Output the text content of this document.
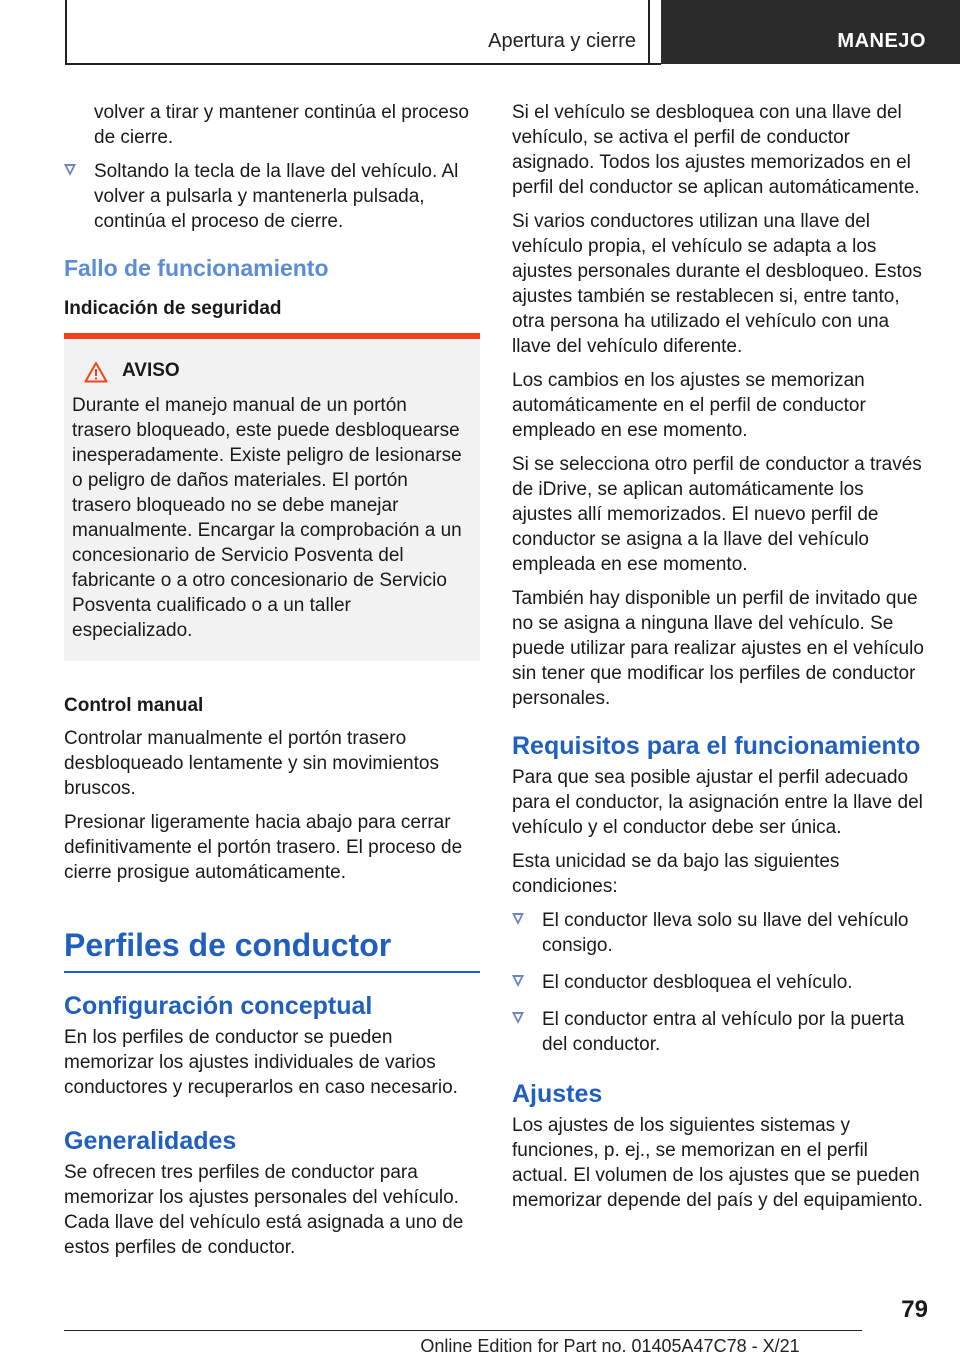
Apertura y cierre	MANEJO

volver a tirar y mantener continúa el proceso de cierre.

Soltando la tecla de la llave del vehículo. Al volver a pulsarla y mantenerla pulsada, continúa el proceso de cierre.

Fallo de funcionamiento
Indicación de seguridad
AVISO

Durante el manejo manual de un portón trasero bloqueado, este puede desbloquearse inesperadamente. Existe peligro de lesionarse o peligro de daños materiales. El portón trasero bloqueado no se debe manejar manualmente. Encargar la comprobación a un concesionario de Servicio Posventa del fabricante o a otro concesionario de Servicio Posventa cualificado o a un taller especializado.

Control manual

Controlar manualmente el portón trasero desbloqueado lentamente y sin movimientos bruscos.

Presionar ligeramente hacia abajo para cerrar definitivamente el portón trasero. El proceso de cierre prosigue automáticamente.

Perfiles de conductor
Configuración conceptual

En los perfiles de conductor se pueden memorizar los ajustes individuales de varios conductores y recuperarlos en caso necesario.

Generalidades

Se ofrecen tres perfiles de conductor para memorizar los ajustes personales del vehículo. Cada llave del vehículo está asignada a uno de estos perfiles de conductor.

Si el vehículo se desbloquea con una llave del vehículo, se activa el perfil de conductor asignado. Todos los ajustes memorizados en el perfil del conductor se aplican automáticamente.

Si varios conductores utilizan una llave del vehículo propia, el vehículo se adapta a los ajustes personales durante el desbloqueo. Estos ajustes también se restablecen si, entre tanto, otra persona ha utilizado el vehículo con una llave del vehículo diferente.

Los cambios en los ajustes se memorizan automáticamente en el perfil de conductor empleado en ese momento.

Si se selecciona otro perfil de conductor a través de iDrive, se aplican automáticamente los ajustes allí memorizados. El nuevo perfil de conductor se asigna a la llave del vehículo empleada en ese momento.

También hay disponible un perfil de invitado que no se asigna a ninguna llave del vehículo. Se puede utilizar para realizar ajustes en el vehículo sin tener que modificar los perfiles de conductor personales.

Requisitos para el funcionamiento

Para que sea posible ajustar el perfil adecuado para el conductor, la asignación entre la llave del vehículo y el conductor debe ser única.

Esta unicidad se da bajo las siguientes condiciones:

El conductor lleva solo su llave del vehículo consigo.

El conductor desbloquea el vehículo.

El conductor entra al vehículo por la puerta del conductor.

Ajustes

Los ajustes de los siguientes sistemas y funciones, p. ej., se memorizan en el perfil actual. El volumen de los ajustes que se pueden memorizar depende del país y del equipamiento.

79
Online Edition for Part no. 01405A47C78 - X/21
